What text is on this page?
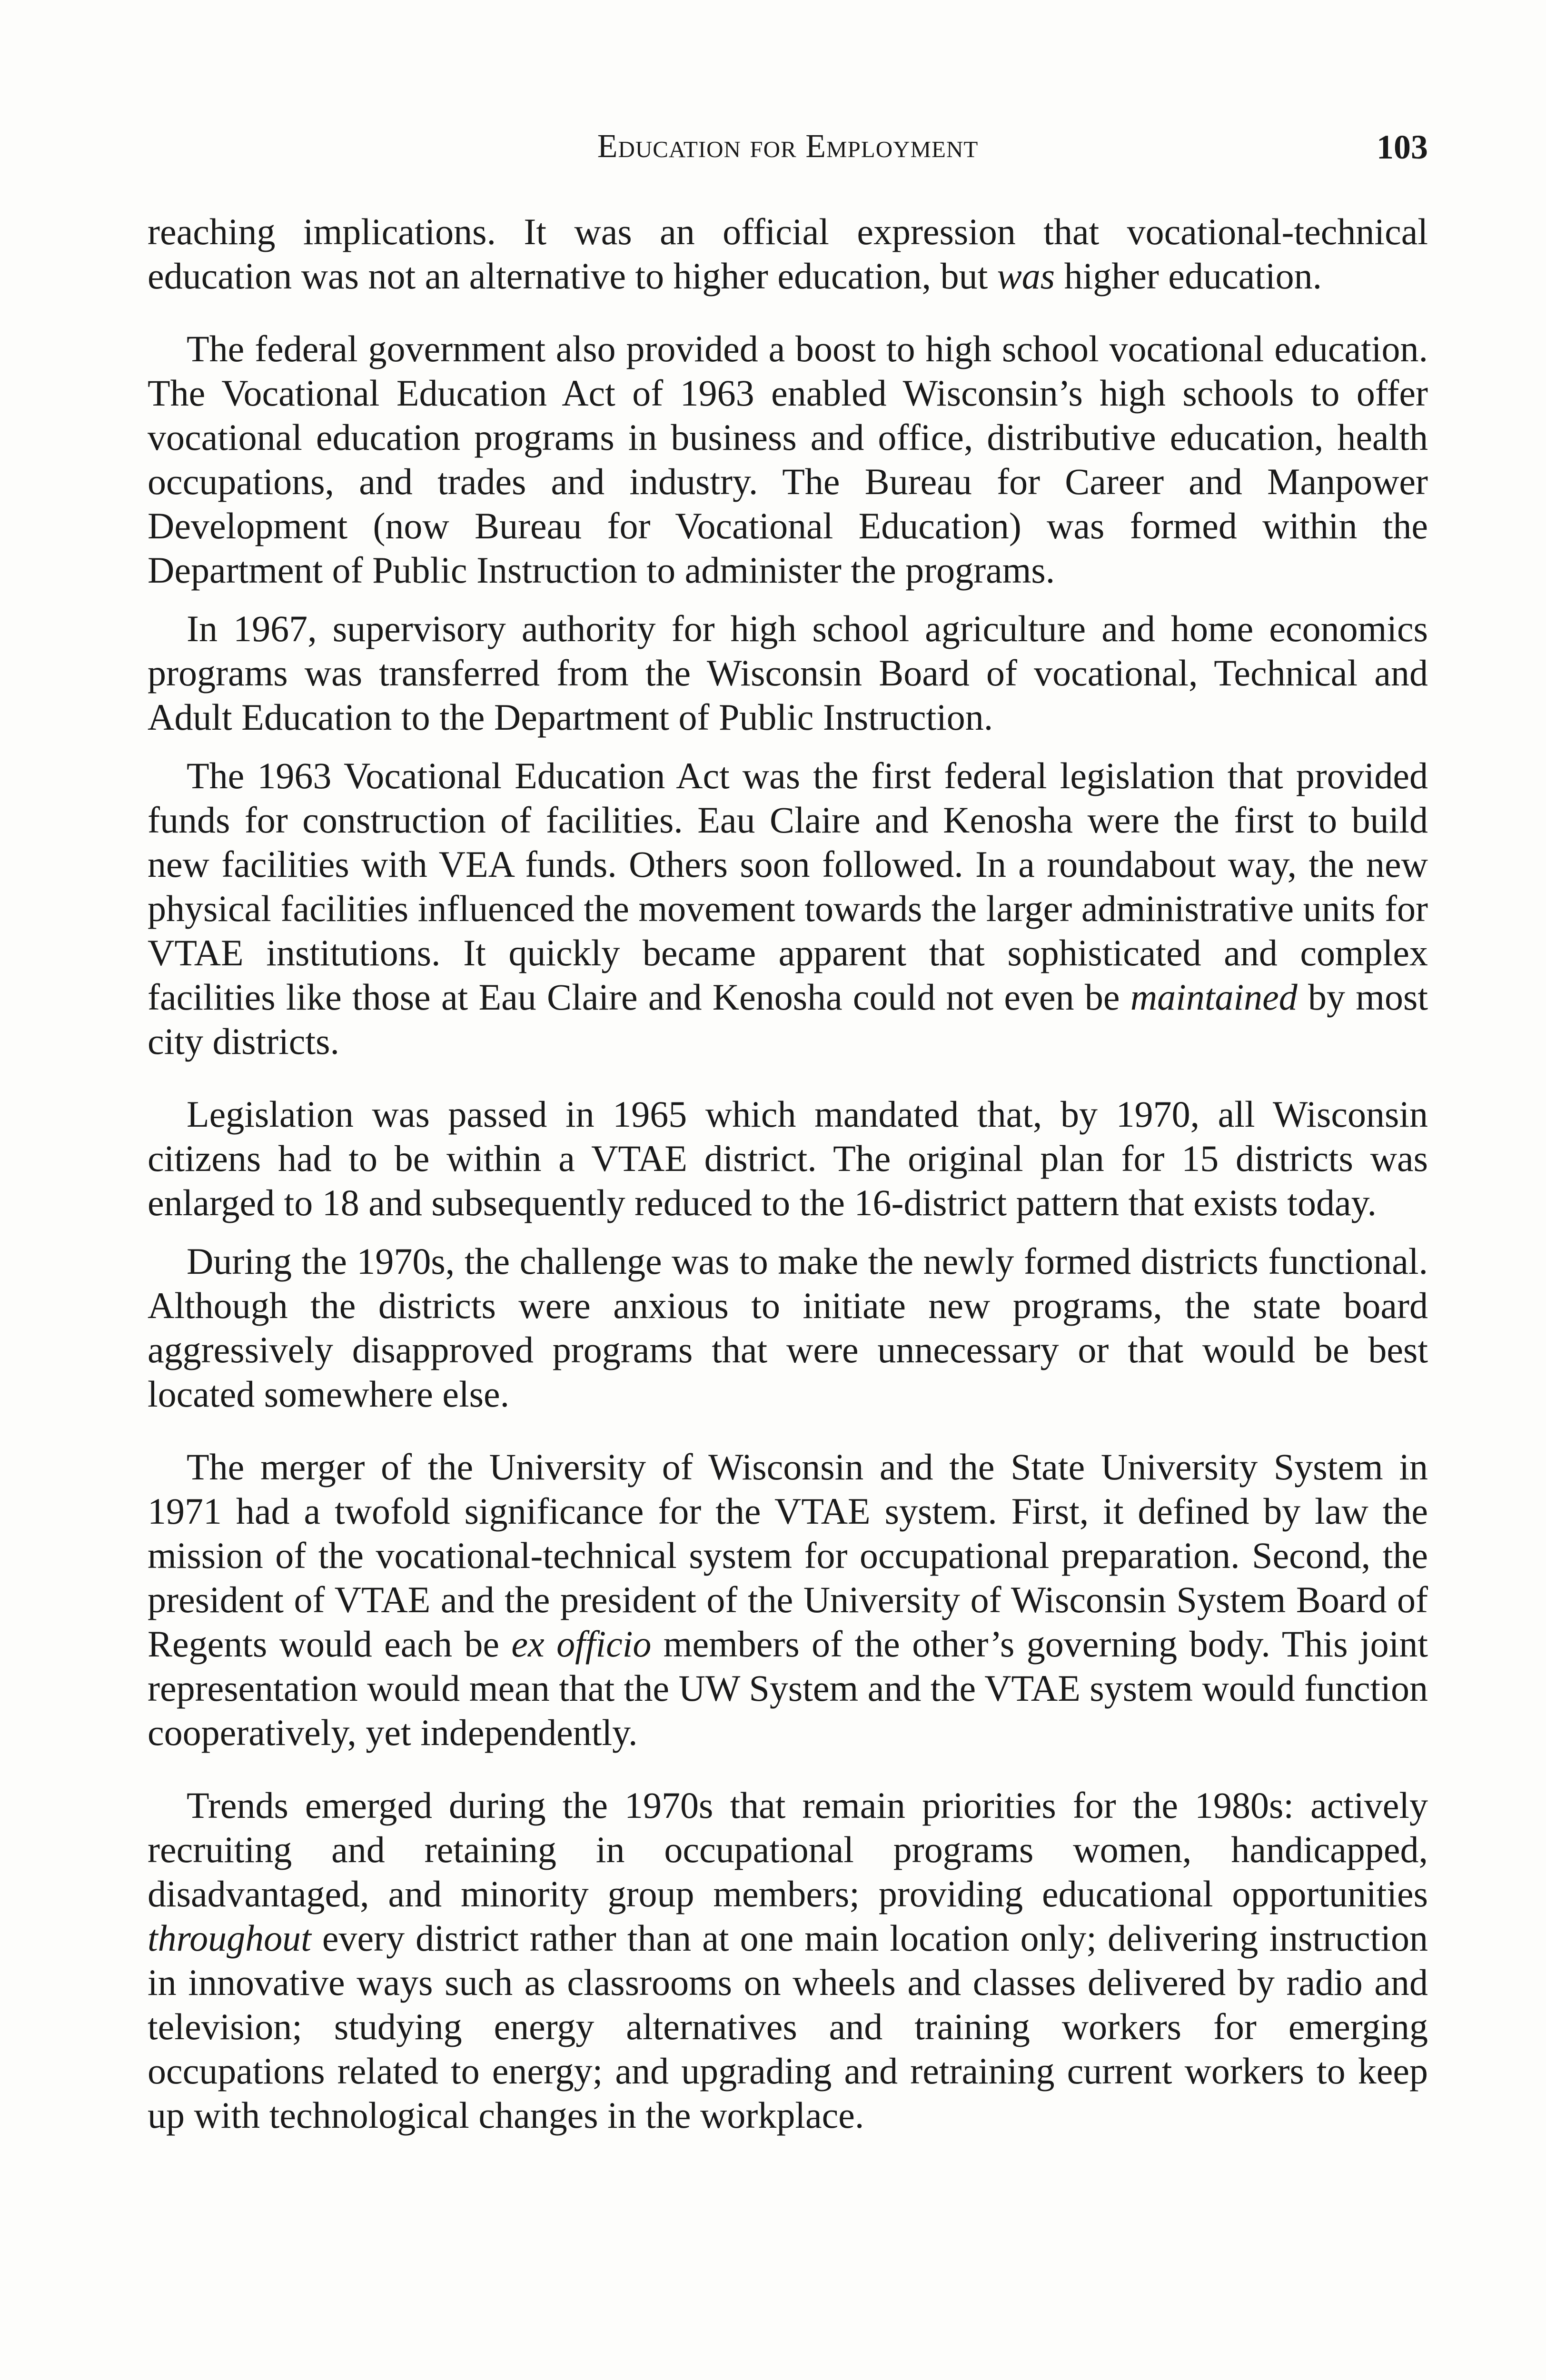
Education for Employment	103

reaching implications. It was an official expression that vocational-technical education was not an alternative to higher education, but was higher education.

The federal government also provided a boost to high school vocational education. The Vocational Education Act of 1963 enabled Wisconsin’s high schools to offer vocational education programs in business and office, distributive education, health occupations, and trades and industry. The Bureau for Career and Manpower Development (now Bureau for Vocational Education) was formed within the Department of Public Instruction to administer the programs.

In 1967, supervisory authority for high school agriculture and home economics programs was transferred from the Wisconsin Board of vocational, Technical and Adult Education to the Department of Public Instruction.

The 1963 Vocational Education Act was the first federal legislation that provided funds for construction of facilities. Eau Claire and Kenosha were the first to build new facilities with VEA funds. Others soon followed. In a roundabout way, the new physical facilities influenced the movement towards the larger administrative units for VTAE institutions. It quickly became apparent that sophisticated and complex facilities like those at Eau Claire and Kenosha could not even be maintained by most city districts.

Legislation was passed in 1965 which mandated that, by 1970, all Wisconsin citizens had to be within a VTAE district. The original plan for 15 districts was enlarged to 18 and subsequently reduced to the 16-district pattern that exists today.

During the 1970s, the challenge was to make the newly formed districts functional. Although the districts were anxious to initiate new programs, the state board aggressively disapproved programs that were unnecessary or that would be best located somewhere else.

The merger of the University of Wisconsin and the State University System in 1971 had a twofold significance for the VTAE system. First, it defined by law the mission of the vocational-technical system for occupational preparation. Second, the president of VTAE and the president of the University of Wisconsin System Board of Regents would each be ex officio members of the other’s governing body. This joint representation would mean that the UW System and the VTAE system would function cooperatively, yet independently.

Trends emerged during the 1970s that remain priorities for the 1980s: actively recruiting and retaining in occupational programs women, handicapped, disadvantaged, and minority group members; providing educational opportunities throughout every district rather than at one main location only; delivering instruction in innovative ways such as classrooms on wheels and classes delivered by radio and television; studying energy alternatives and training workers for emerging occupations related to energy; and upgrading and retraining current workers to keep up with technological changes in the workplace.
